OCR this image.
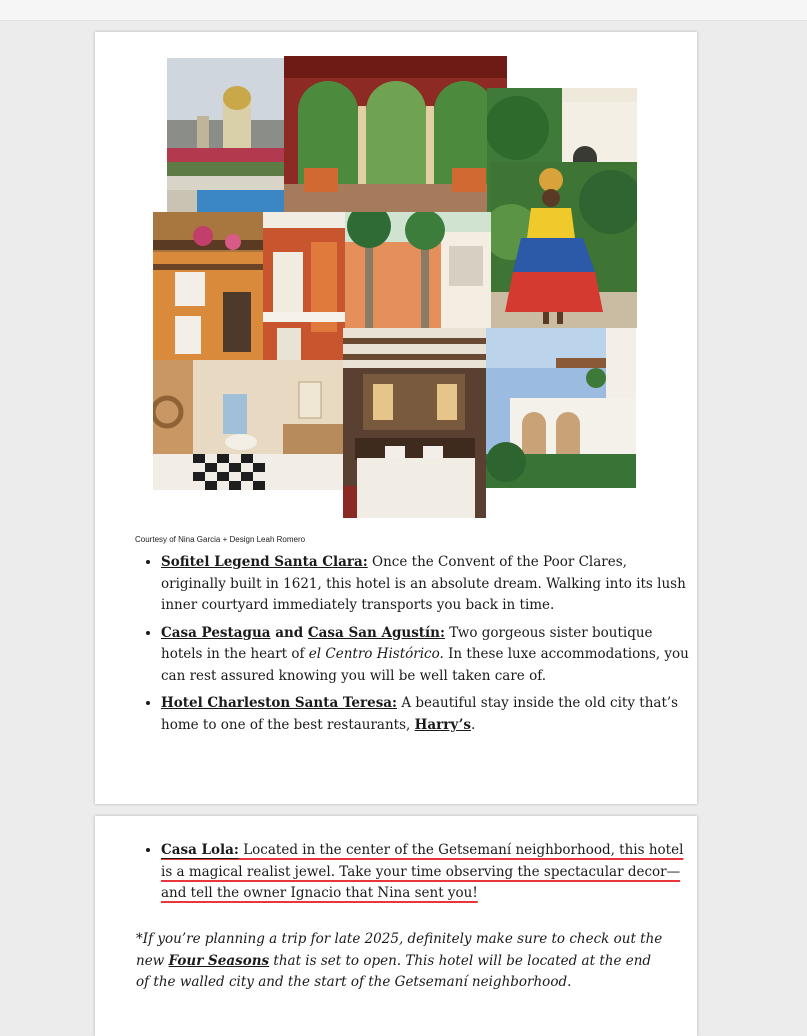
Courtesy of Nina Garcia + Design Leah Romero
• Sofitel Legend Santa Clara: Once the Convent of the Poor Clares, originally built in 1621, this hotel is an absolute dream. Walking into its lush inner courtyard immediately transports you back in time.
• Casa Pestagua and Casa San Agustín: Two gorgeous sister boutique hotels in the heart of el Centro Histórico. In these luxe accommodations, you can rest assured knowing you will be well taken care of.
• Hotel Charleston Santa Teresa: A beautiful stay inside the old city that’s home to one of the best restaurants, Harry’s.
• Casa Lola: Located in the center of the Getsemaní neighborhood, this hotel is a magical realist jewel. Take your time observing the spectacular decor—and tell the owner Ignacio that Nina sent you!
*If you’re planning a trip for late 2025, definitely make sure to check out the new Four Seasons that is set to open. This hotel will be located at the end of the walled city and the start of the Getsemaní neighborhood.
